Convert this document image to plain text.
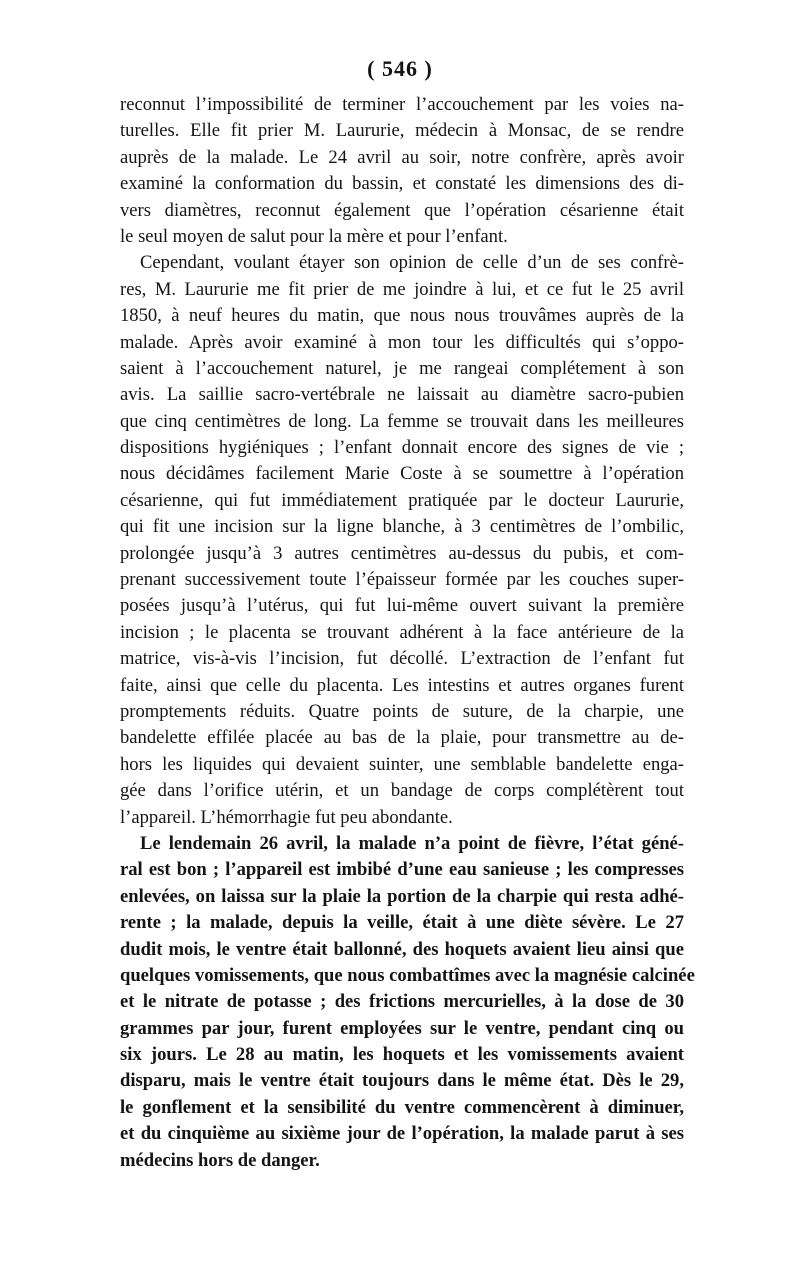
( 546 )
reconnut l’impossibilité de terminer l’accouchement par les voies na-
turelles. Elle fit prier M. Laururie, médecin à Monsac, de se rendre
auprès de la malade. Le 24 avril au soir, notre confrère, après avoir
examiné la conformation du bassin, et constaté les dimensions des di-
vers diamètres, reconnut également que l’opération césarienne était
le seul moyen de salut pour la mère et pour l’enfant.
Cependant, voulant étayer son opinion de celle d’un de ses confrè-
res, M. Laururie me fit prier de me joindre à lui, et ce fut le 25 avril
1850, à neuf heures du matin, que nous nous trouvâmes auprès de la
malade. Après avoir examiné à mon tour les difficultés qui s’oppo-
saient à l’accouchement naturel, je me rangeai complétement à son
avis. La saillie sacro-vertébrale ne laissait au diamètre sacro-pubien
que cinq centimètres de long. La femme se trouvait dans les meilleures
dispositions hygiéniques ; l’enfant donnait encore des signes de vie ;
nous décidâmes facilement Marie Coste à se soumettre à l’opération
césarienne, qui fut immédiatement pratiquée par le docteur Laururie,
qui fit une incision sur la ligne blanche, à 3 centimètres de l’ombilic,
prolongée jusqu’à 3 autres centimètres au-dessus du pubis, et com-
prenant successivement toute l’épaisseur formée par les couches super-
posées jusqu’à l’utérus, qui fut lui-même ouvert suivant la première
incision ; le placenta se trouvant adhérent à la face antérieure de la
matrice, vis-à-vis l’incision, fut décollé. L’extraction de l’enfant fut
faite, ainsi que celle du placenta. Les intestins et autres organes furent
promptements réduits. Quatre points de suture, de la charpie, une
bandelette effilée placée au bas de la plaie, pour transmettre au de-
hors les liquides qui devaient suinter, une semblable bandelette enga-
gée dans l’orifice utérin, et un bandage de corps complétèrent tout
l’appareil. L’hémorrhagie fut peu abondante.
Le lendemain 26 avril, la malade n’a point de fièvre, l’état géné-
ral est bon ; l’appareil est imbibé d’une eau sanieuse ; les compresses
enlevées, on laissa sur la plaie la portion de la charpie qui resta adhé-
rente ; la malade, depuis la veille, était à une diète sévère. Le 27
dudit mois, le ventre était ballonné, des hoquets avaient lieu ainsi que
quelques vomissements, que nous combattîmes avec la magnésie calcinée
et le nitrate de potasse ; des frictions mercurielles, à la dose de 30
grammes par jour, furent employées sur le ventre, pendant cinq ou
six jours. Le 28 au matin, les hoquets et les vomissements avaient
disparu, mais le ventre était toujours dans le même état. Dès le 29,
le gonflement et la sensibilité du ventre commencèrent à diminuer,
et du cinquième au sixième jour de l’opération, la malade parut à ses
médecins hors de danger.
